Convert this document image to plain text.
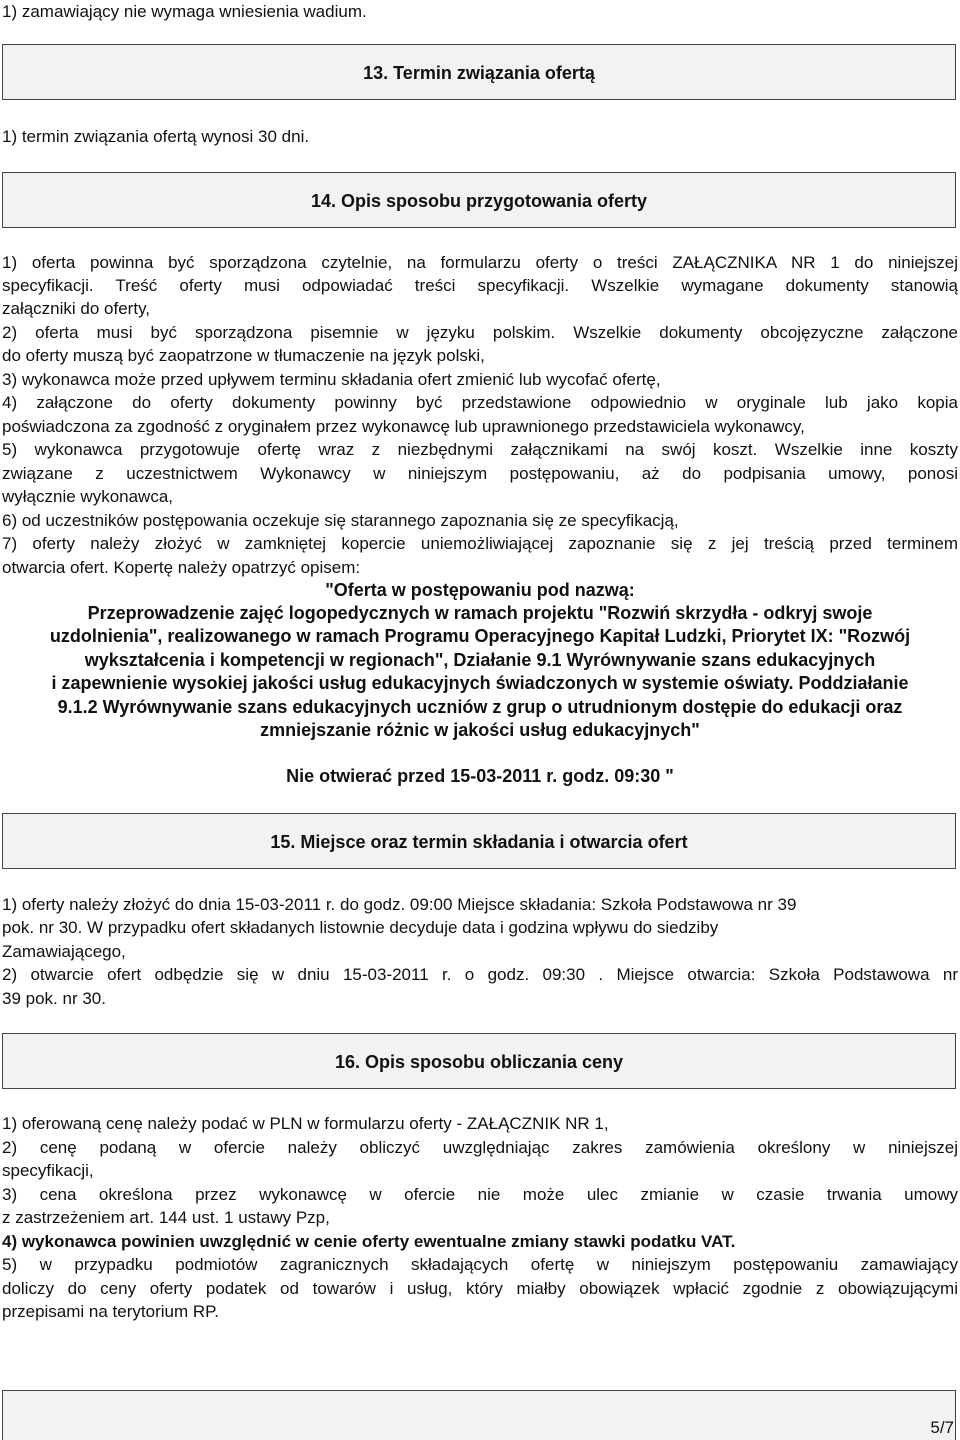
1) zamawiający nie wymaga wniesienia wadium.
13. Termin związania ofertą
1) termin związania ofertą wynosi 30 dni.
14. Opis sposobu przygotowania oferty
1) oferta powinna być sporządzona czytelnie, na formularzu oferty o treści ZAŁĄCZNIKA NR 1 do niniejszej
specyfikacji. Treść oferty musi odpowiadać treści specyfikacji. Wszelkie wymagane dokumenty stanowią
załączniki do oferty,
2) oferta musi być sporządzona pisemnie w języku polskim. Wszelkie dokumenty obcojęzyczne załączone
do oferty muszą być zaopatrzone w tłumaczenie na język polski,
3) wykonawca może przed upływem terminu składania ofert zmienić lub wycofać ofertę,
4) załączone do oferty dokumenty powinny być przedstawione odpowiednio w oryginale lub jako kopia
poświadczona za zgodność z oryginałem przez wykonawcę lub uprawnionego przedstawiciela wykonawcy,
5) wykonawca przygotowuje ofertę wraz z niezbędnymi załącznikami na swój koszt. Wszelkie inne koszty
związane z uczestnictwem Wykonawcy w niniejszym postępowaniu, aż do podpisania umowy, ponosi
wyłącznie wykonawca,
6) od uczestników postępowania oczekuje się starannego zapoznania się ze specyfikacją,
7) oferty należy złożyć w zamkniętej kopercie uniemożliwiającej zapoznanie się z jej treścią przed terminem
otwarcia ofert. Kopertę należy opatrzyć opisem:
"Oferta w postępowaniu pod nazwą:
Przeprowadzenie zajęć logopedycznych w ramach projektu "Rozwiń skrzydła - odkryj swoje
uzdolnienia", realizowanego w ramach Programu Operacyjnego Kapitał Ludzki, Priorytet IX: "Rozwój
wykształcenia i kompetencji w regionach", Działanie 9.1 Wyrównywanie szans edukacyjnych
i zapewnienie wysokiej jakości usług edukacyjnych świadczonych w systemie oświaty. Poddziałanie
9.1.2 Wyrównywanie szans edukacyjnych uczniów z grup o utrudnionym dostępie do edukacji oraz
zmniejszanie różnic w jakości usług edukacyjnych"
Nie otwierać przed 15-03-2011 r. godz. 09:30 "
15. Miejsce oraz termin składania i otwarcia ofert
1) oferty należy złożyć do dnia 15-03-2011 r. do godz. 09:00 Miejsce składania: Szkoła Podstawowa nr 39
pok. nr 30. W przypadku ofert składanych listownie decyduje data i godzina wpływu do siedziby
Zamawiającego,
2) otwarcie ofert odbędzie się w dniu 15-03-2011 r. o godz. 09:30 . Miejsce otwarcia: Szkoła Podstawowa nr
39 pok. nr 30.
16. Opis sposobu obliczania ceny
1) oferowaną cenę należy podać w PLN w formularzu oferty - ZAŁĄCZNIK NR 1,
2) cenę podaną w ofercie należy obliczyć uwzględniając zakres zamówienia określony w niniejszej
specyfikacji,
3) cena określona przez wykonawcę w ofercie nie może ulec zmianie w czasie trwania umowy
z zastrzeżeniem art. 144 ust. 1 ustawy Pzp,
4) wykonawca powinien uwzględnić w cenie oferty ewentualne zmiany stawki podatku VAT.
5) w przypadku podmiotów zagranicznych składających ofertę w niniejszym postępowaniu zamawiający
doliczy do ceny oferty podatek od towarów i usług, który miałby obowiązek wpłacić zgodnie z obowiązującymi
przepisami na terytorium RP.
5/7
